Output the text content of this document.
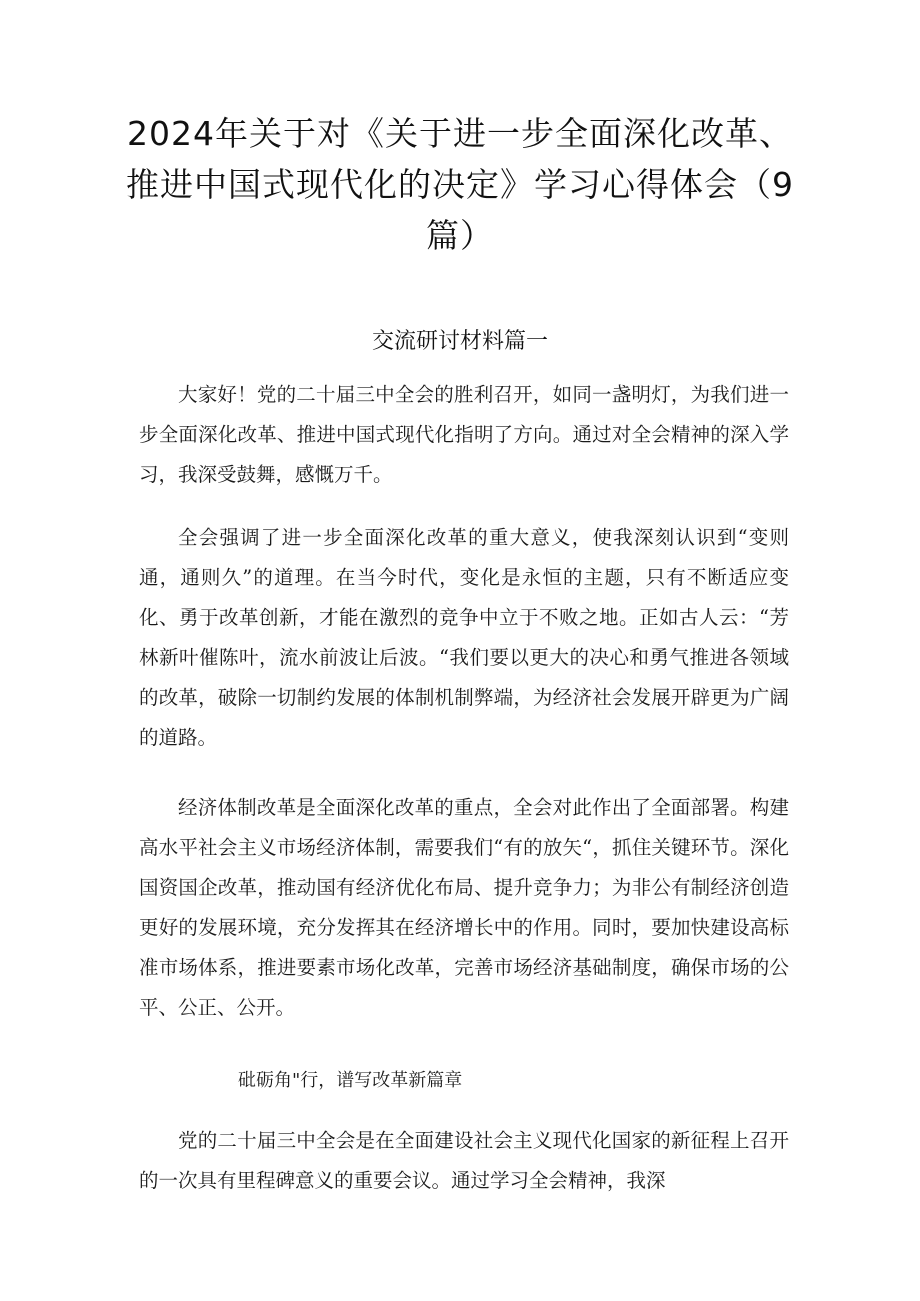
2024年关于对《关于进一步全面深化改革、推进中国式现代化的决定》学习心得体会（9篇）
交流研讨材料篇一

大家好！党的二十届三中全会的胜利召开，如同一盏明灯，为我们进一步全面深化改革、推进中国式现代化指明了方向。通过对全会精神的深入学习，我深受鼓舞，感慨万千。

全会强调了进一步全面深化改革的重大意义，使我深刻认识到“变则通，通则久”的道理。在当今时代，变化是永恒的主题，只有不断适应变化、勇于改革创新，才能在激烈的竞争中立于不败之地。正如古人云：“芳林新叶催陈叶，流水前波让后波。“我们要以更大的决心和勇气推进各领域的改革，破除一切制约发展的体制机制弊端，为经济社会发展开辟更为广阔的道路。

经济体制改革是全面深化改革的重点，全会对此作出了全面部署。构建高水平社会主义市场经济体制，需要我们“有的放矢“，抓住关键环节。深化国资国企改革，推动国有经济优化布局、提升竞争力；为非公有制经济创造更好的发展环境，充分发挥其在经济增长中的作用。同时，要加快建设高标准市场体系，推进要素市场化改革，完善市场经济基础制度，确保市场的公平、公正、公开。

砒砺角"行，谱写改革新篇章

党的二十届三中全会是在全面建设社会主义现代化国家的新征程上召开的一次具有里程碑意义的重要会议。通过学习全会精神，我深
